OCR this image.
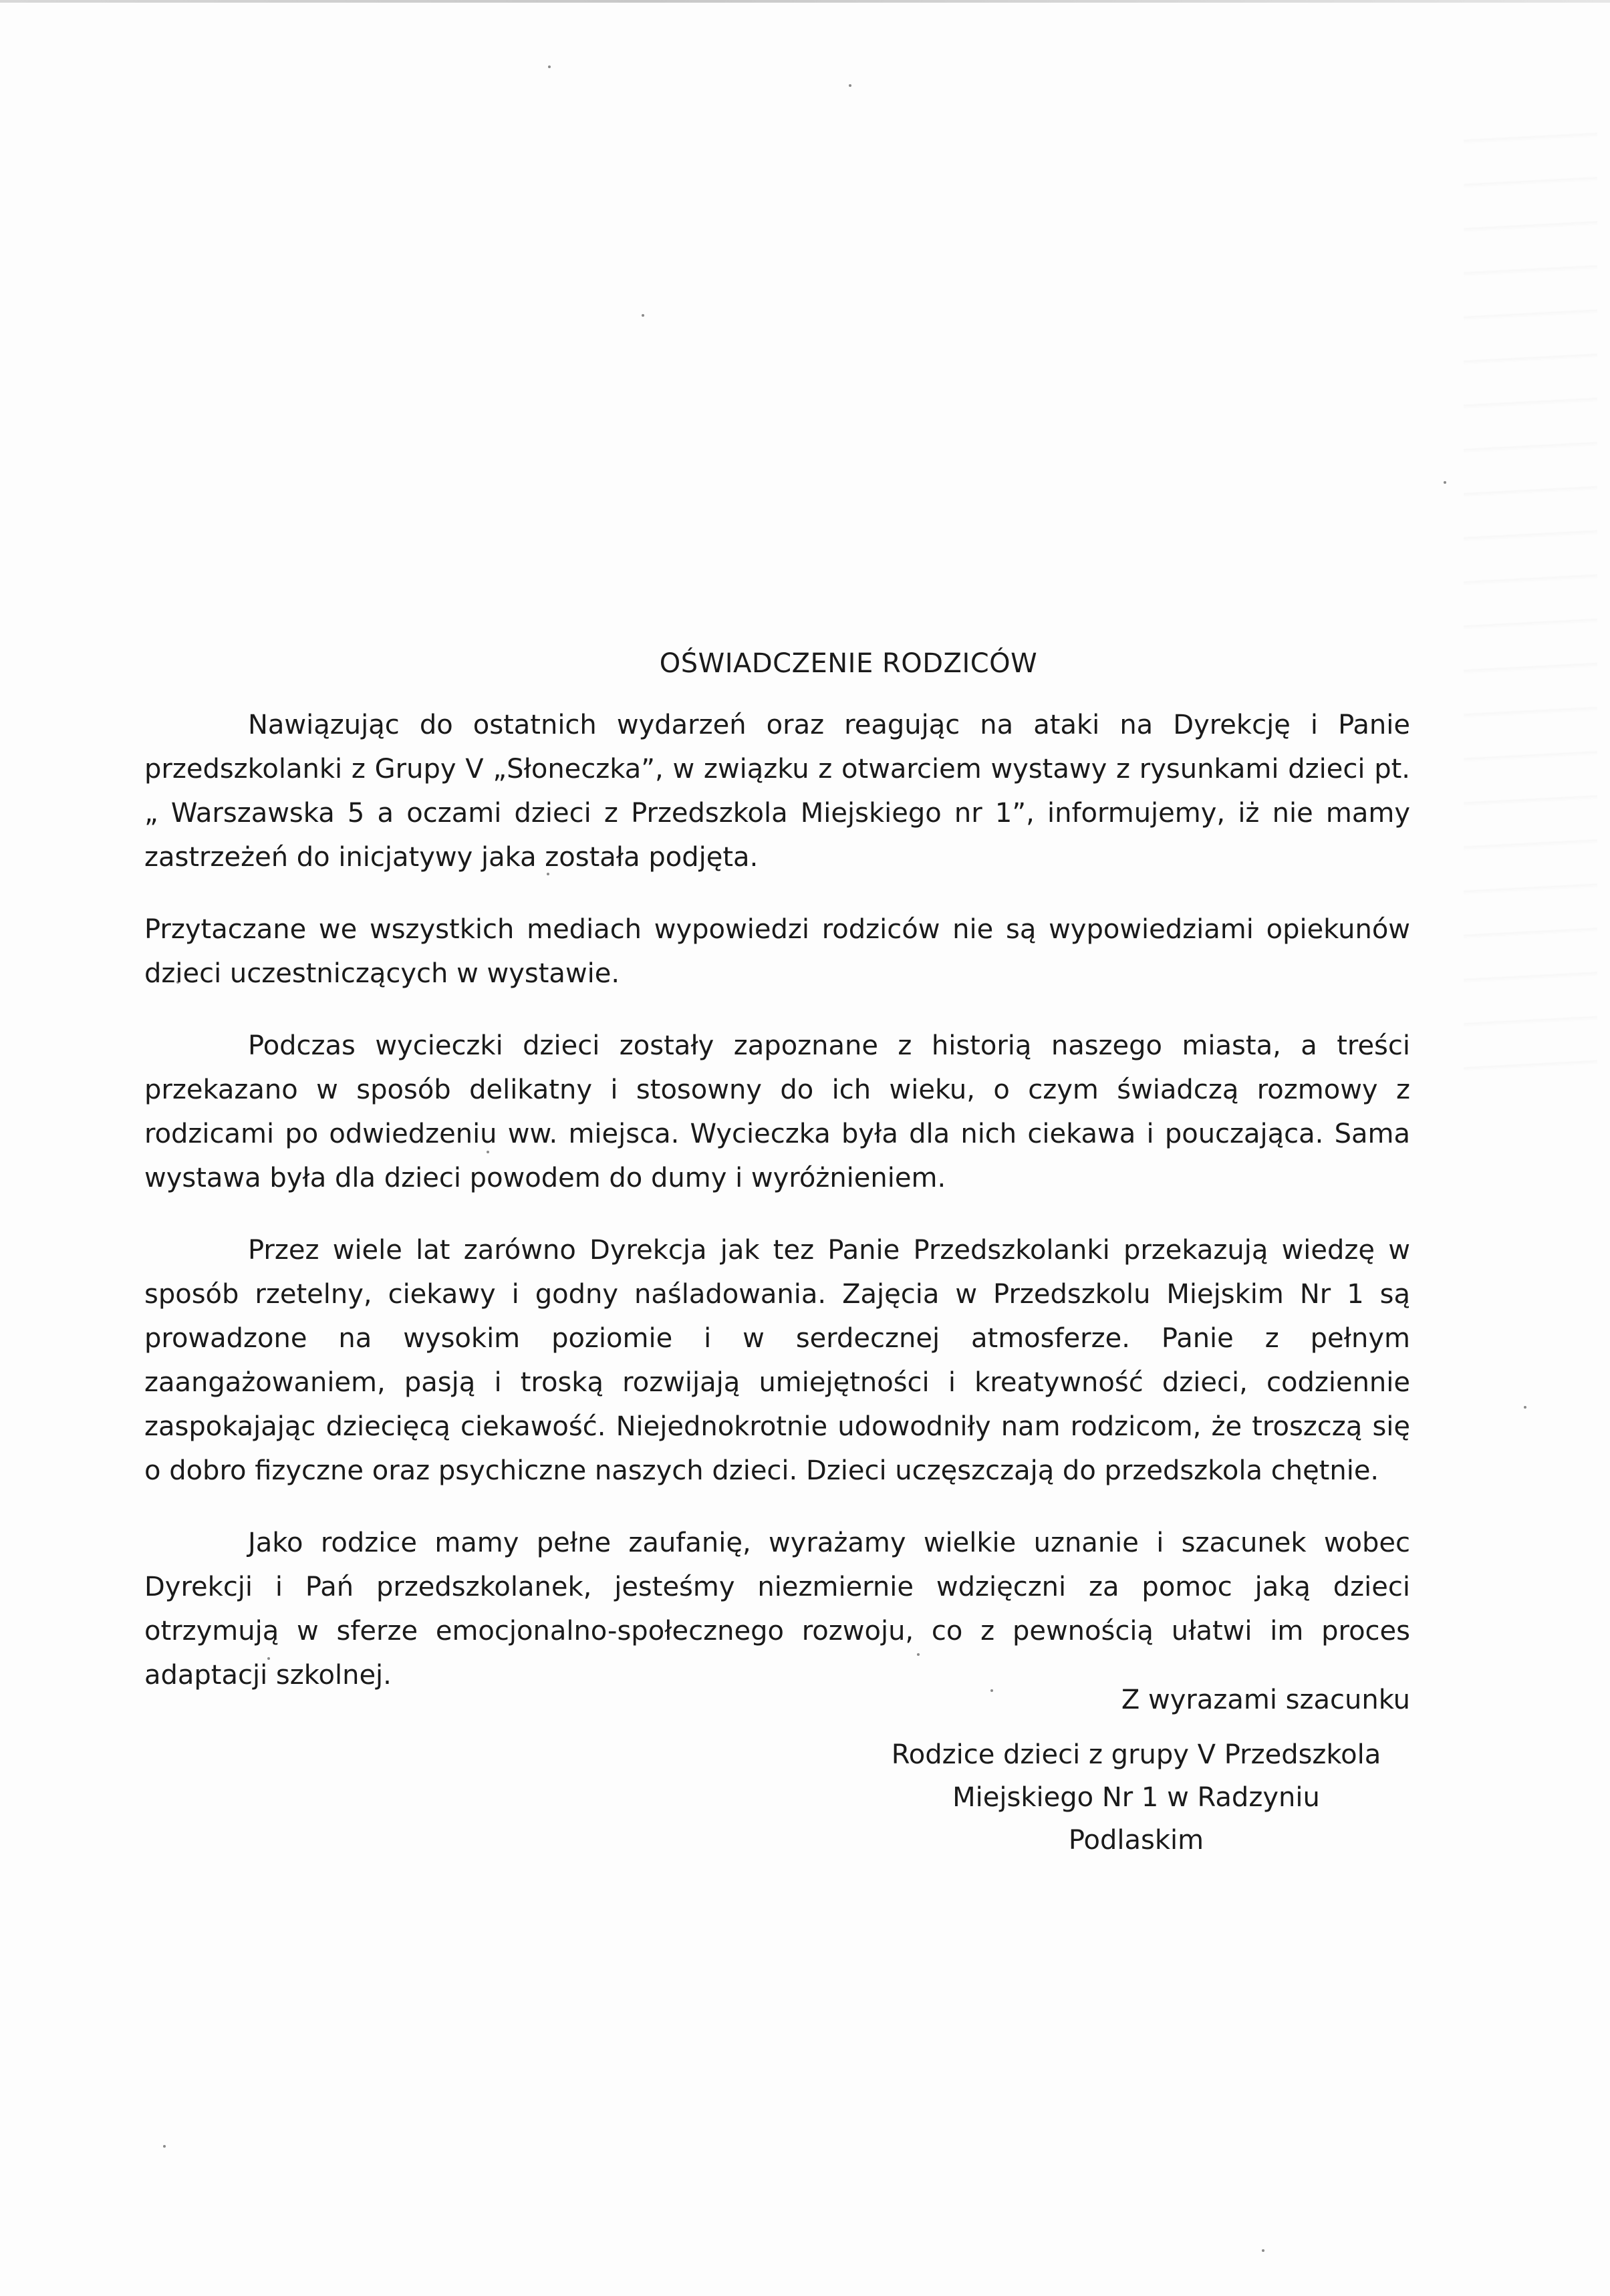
OŚWIADCZENIE RODZICÓW

Nawiązując do ostatnich wydarzeń oraz reagując na ataki na Dyrekcję i Panie przedszkolanki z Grupy V „Słoneczka”, w związku z otwarciem wystawy z rysunkami dzieci pt. „ Warszawska 5 a oczami dzieci z Przedszkola Miejskiego nr 1”, informujemy, iż nie mamy zastrzeżeń do inicjatywy jaka została podjęta.

Przytaczane we wszystkich mediach wypowiedzi rodziców nie są wypowiedziami opiekunów dzieci uczestniczących w wystawie.

Podczas wycieczki dzieci zostały zapoznane z historią naszego miasta, a treści przekazano w sposób delikatny i stosowny do ich wieku, o czym świadczą rozmowy z rodzicami po odwiedzeniu ww. miejsca. Wycieczka była dla nich ciekawa i pouczająca. Sama wystawa była dla dzieci powodem do dumy i wyróżnieniem.

Przez wiele lat zarówno Dyrekcja jak tez Panie Przedszkolanki przekazują wiedzę w sposób rzetelny, ciekawy i godny naśladowania. Zajęcia w Przedszkolu Miejskim Nr 1 są prowadzone na wysokim poziomie i w serdecznej atmosferze. Panie z pełnym zaangażowaniem, pasją i troską rozwijają umiejętności i kreatywność dzieci, codziennie zaspokajając dziecięcą ciekawość. Niejednokrotnie udowodniły nam rodzicom, że troszczą się o dobro fizyczne oraz psychiczne naszych dzieci. Dzieci uczęszczają do przedszkola chętnie.

Jako rodzice mamy pełne zaufanię, wyrażamy wielkie uznanie i szacunek wobec Dyrekcji i Pań przedszkolanek, jesteśmy niezmiernie wdzięczni za pomoc jaką dzieci otrzymują w sferze emocjonalno-społecznego rozwoju, co z pewnością ułatwi im proces adaptacji szkolnej.

Z wyrazami szacunku
Rodzice dzieci z grupy V Przedszkola
Miejskiego Nr 1 w Radzyniu
Podlaskim
